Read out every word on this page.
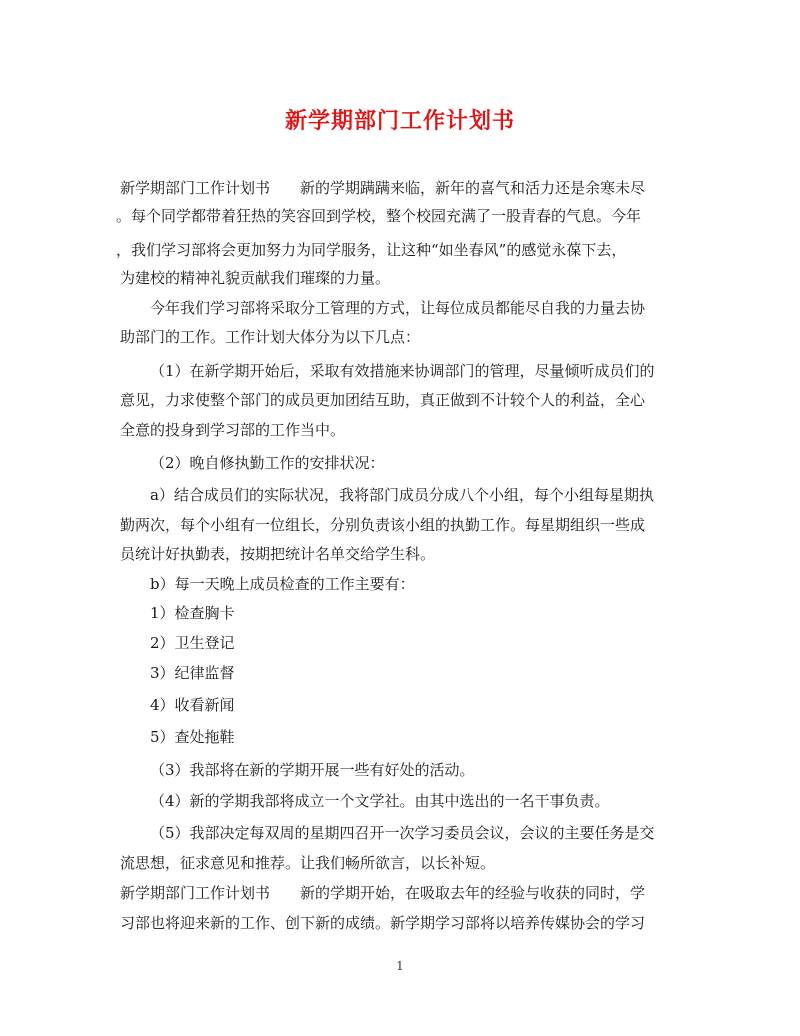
新学期部门工作计划书
新学期部门工作计划书 新的学期蹒蹒来临，新年的喜气和活力还是余寒未尽
。每个同学都带着狂热的笑容回到学校，整个校园充满了一股青春的气息。今年
，我们学习部将会更加努力为同学服务，让这种“如坐春风”的感觉永葆下去，
为建校的精神礼貌贡献我们璀璨的力量。
今年我们学习部将采取分工管理的方式，让每位成员都能尽自我的力量去协
助部门的工作。工作计划大体分为以下几点：
（1）在新学期开始后，采取有效措施来协调部门的管理，尽量倾听成员们的
意见，力求使整个部门的成员更加团结互助，真正做到不计较个人的利益，全心
全意的投身到学习部的工作当中。
（2）晚自修执勤工作的安排状况：
a）结合成员们的实际状况，我将部门成员分成八个小组，每个小组每星期执
勤两次，每个小组有一位组长，分别负责该小组的执勤工作。每星期组织一些成
员统计好执勤表，按期把统计名单交给学生科。
b）每一天晚上成员检查的工作主要有：
1）检查胸卡
2）卫生登记
3）纪律监督
4）收看新闻
5）查处拖鞋
（3）我部将在新的学期开展一些有好处的活动。
（4）新的学期我部将成立一个文学社。由其中选出的一名干事负责。
（5）我部决定每双周的星期四召开一次学习委员会议，会议的主要任务是交
流思想，征求意见和推荐。让我们畅所欲言，以长补短。
新学期部门工作计划书 新的学期开始，在吸取去年的经验与收获的同时，学
习部也将迎来新的工作、创下新的成绩。新学期学习部将以培养传媒协会的学习
1
